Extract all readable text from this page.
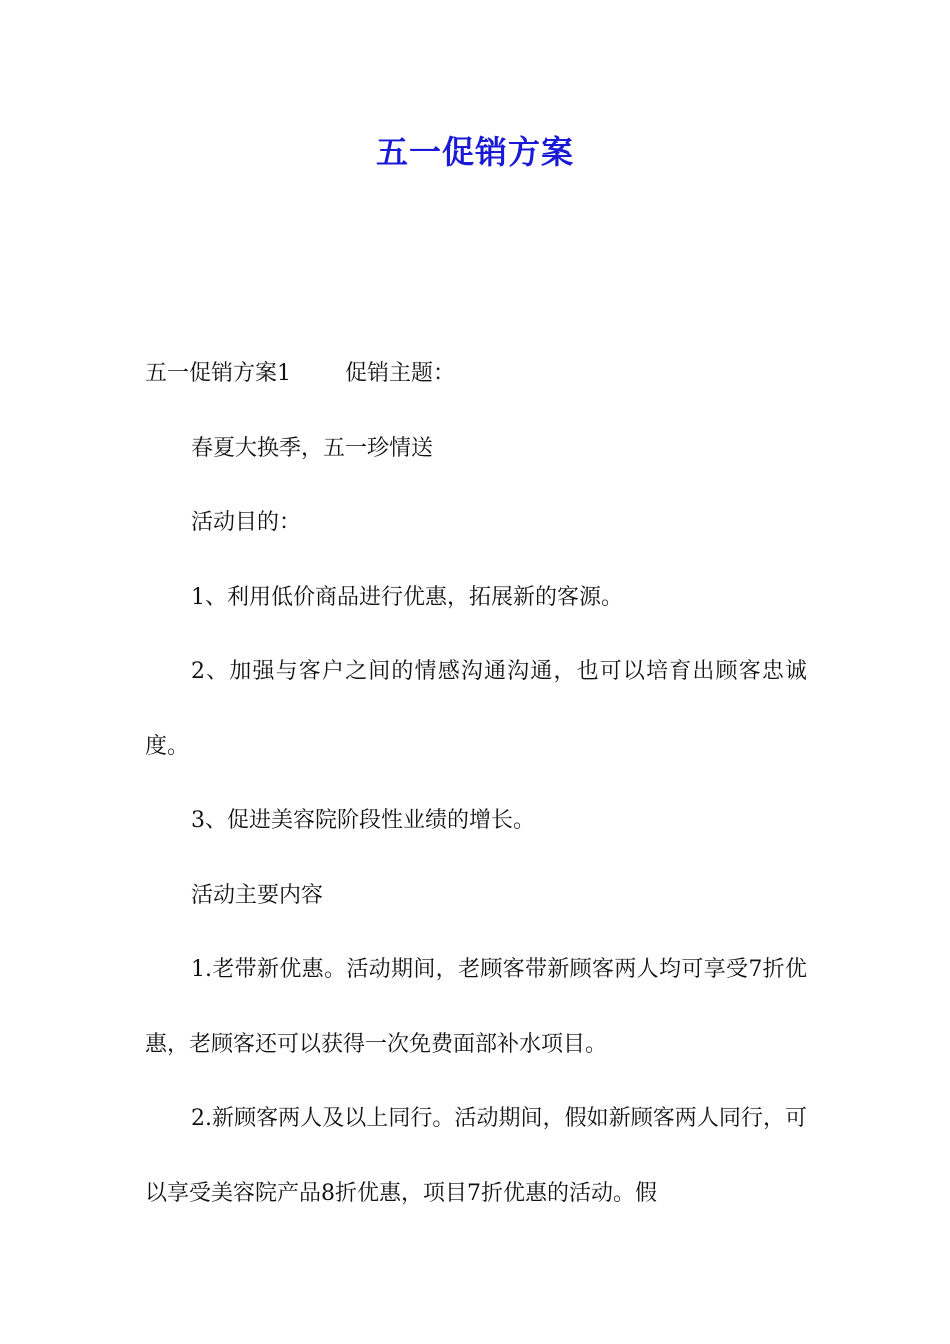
五一促销方案

五一促销方案1 促销主题：

春夏大换季，五一珍情送

活动目的：

1、利用低价商品进行优惠，拓展新的客源。

2、加强与客户之间的情感沟通沟通，也可以培育出顾客忠诚度。

3、促进美容院阶段性业绩的增长。

活动主要内容

1.老带新优惠。活动期间，老顾客带新顾客两人均可享受7折优惠，老顾客还可以获得一次免费面部补水项目。

2.新顾客两人及以上同行。活动期间，假如新顾客两人同行，可以享受美容院产品8折优惠，项目7折优惠的活动。假
